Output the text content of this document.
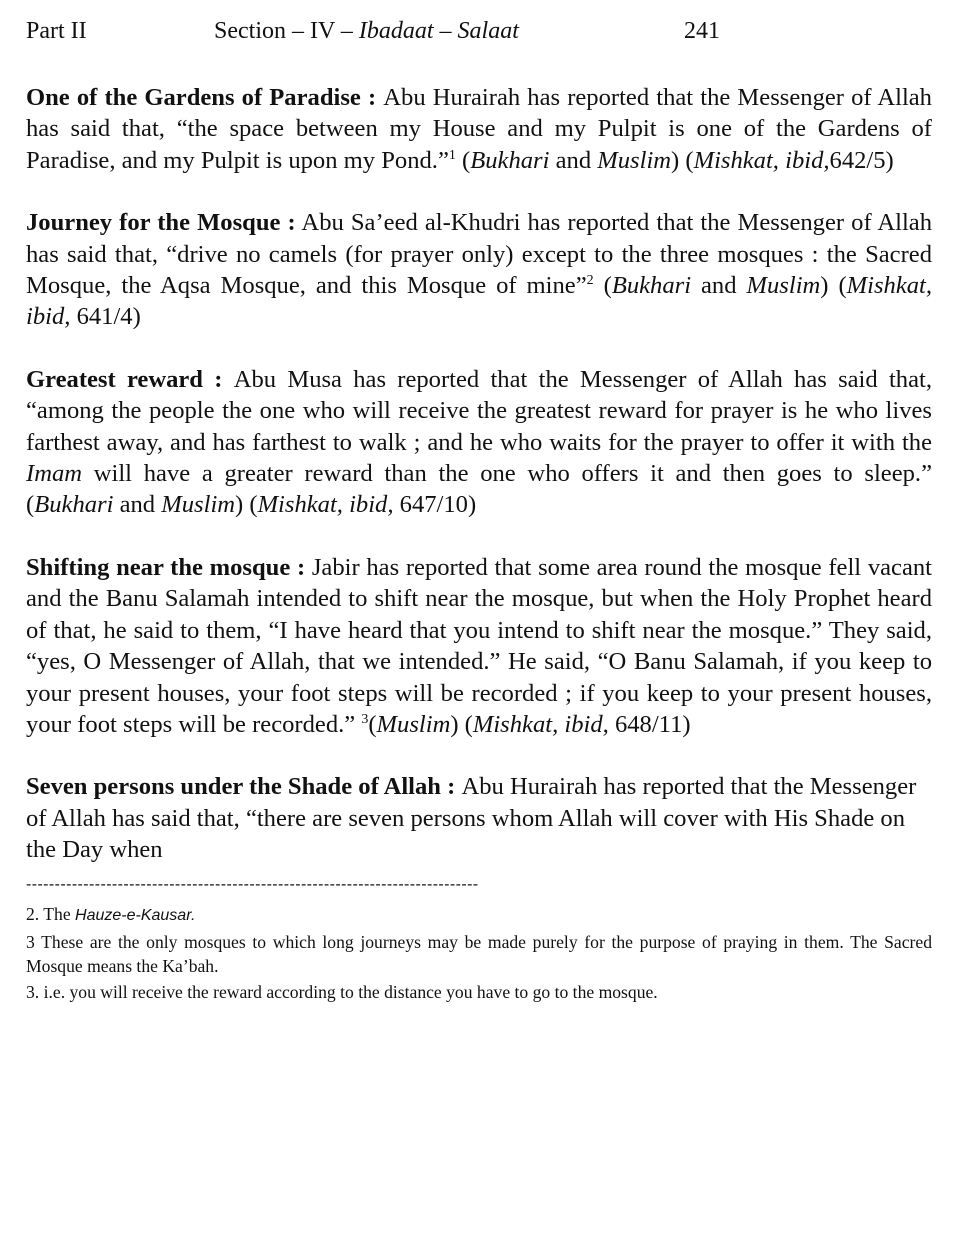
Part II	Section – IV – Ibadaat – Salaat	241

One of the Gardens of Paradise : Abu Hurairah has reported that the Messenger of Allah has said that, “the space between my House and my Pulpit is one of the Gardens of Paradise, and my Pulpit is upon my Pond.”$^1$ (Bukhari and Muslim) (Mishkat, ibid,642/5)

Journey for the Mosque : Abu Sa’eed al-Khudri has reported that the Messenger of Allah has said that, “drive no camels (for prayer only) except to the three mosques : the Sacred Mosque, the Aqsa Mosque, and this Mosque of mine”$^2$ (Bukhari and Muslim) (Mishkat, ibid, 641/4)

Greatest reward : Abu Musa has reported that the Messenger of Allah has said that, “among the people the one who will receive the greatest reward for prayer is he who lives farthest away, and has farthest to walk ; and he who waits for the prayer to offer it with the Imam will have a greater reward than the one who offers it and then goes to sleep.” (Bukhari and Muslim) (Mishkat, ibid, 647/10)

Shifting near the mosque : Jabir has reported that some area round the mosque fell vacant and the Banu Salamah intended to shift near the mosque, but when the Holy Prophet heard of that, he said to them, “I have heard that you intend to shift near the mosque.” They said, “yes, O Messenger of Allah, that we intended.” He said, “O Banu Salamah, if you keep to your present houses, your foot steps will be recorded ; if you keep to your present houses, your foot steps will be recorded.” $^3$(Muslim) (Mishkat, ibid, 648/11)

Seven persons under the Shade of Allah : Abu Hurairah has reported that the Messenger of Allah has said that, “there are seven persons whom Allah will cover with His Shade on the Day when

-------------------------------------------------------------------------------

2. The Hauze-e-Kausar.

3 These are the only mosques to which long journeys may be made purely for the purpose of praying in them. The Sacred Mosque means the Ka’bah.

3. i.e. you will receive the reward according to the distance you have to go to the mosque.
